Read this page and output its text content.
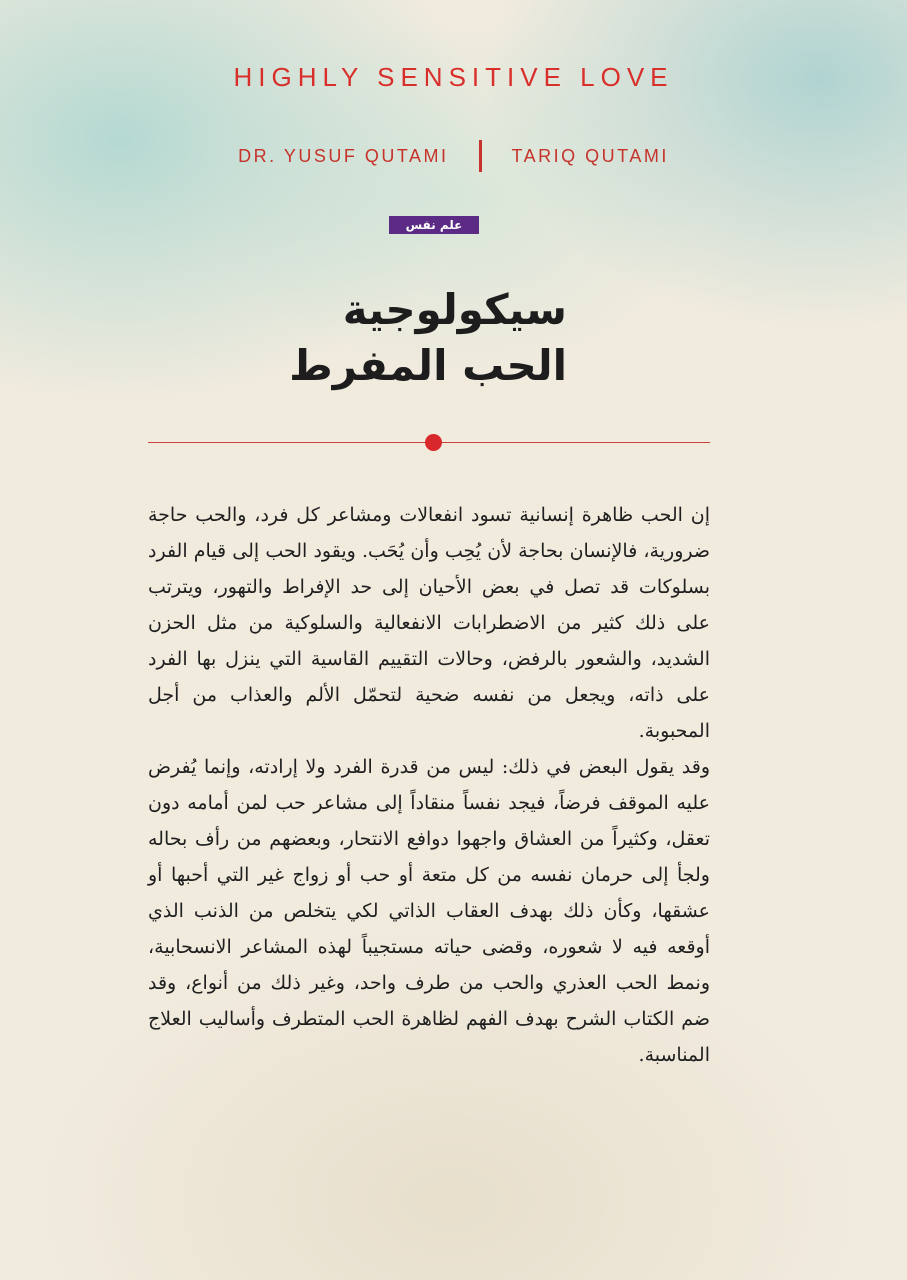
HIGHLY SENSITIVE LOVE
DR. YUSUF QUTAMI	TARIQ QUTAMI
علم نفس
سيكولوجية
الحب المفرط

إن الحب ظاهرة إنسانية تسود انفعالات ومشاعر كل فرد، والحب حاجة ضرورية، فالإنسان بحاجة لأن يُحِب وأن يُحَب. ويقود الحب إلى قيام الفرد بسلوكات قد تصل في بعض الأحيان إلى حد الإفراط والتهور، ويترتب على ذلك كثير من الاضطرابات الانفعالية والسلوكية من مثل الحزن الشديد، والشعور بالرفض، وحالات التقييم القاسية التي ينزل بها الفرد على ذاته، ويجعل من نفسه ضحية لتحمّل الألم والعذاب من أجل المحبوبة.

وقد يقول البعض في ذلك: ليس من قدرة الفرد ولا إرادته، وإنما يُفرض عليه الموقف فرضاً، فيجد نفساً منقاداً إلى مشاعر حب لمن أمامه دون تعقل، وكثيراً من العشاق واجهوا دوافع الانتحار، وبعضهم من رأف بحاله ولجأ إلى حرمان نفسه من كل متعة أو حب أو زواج غير التي أحبها أو عشقها، وكأن ذلك بهدف العقاب الذاتي لكي يتخلص من الذنب الذي أوقعه فيه لا شعوره، وقضى حياته مستجيباً لهذه المشاعر الانسحابية، ونمط الحب العذري والحب من طرف واحد، وغير ذلك من أنواع، وقد ضم الكتاب الشرح بهدف الفهم لظاهرة الحب المتطرف وأساليب العلاج المناسبة.
